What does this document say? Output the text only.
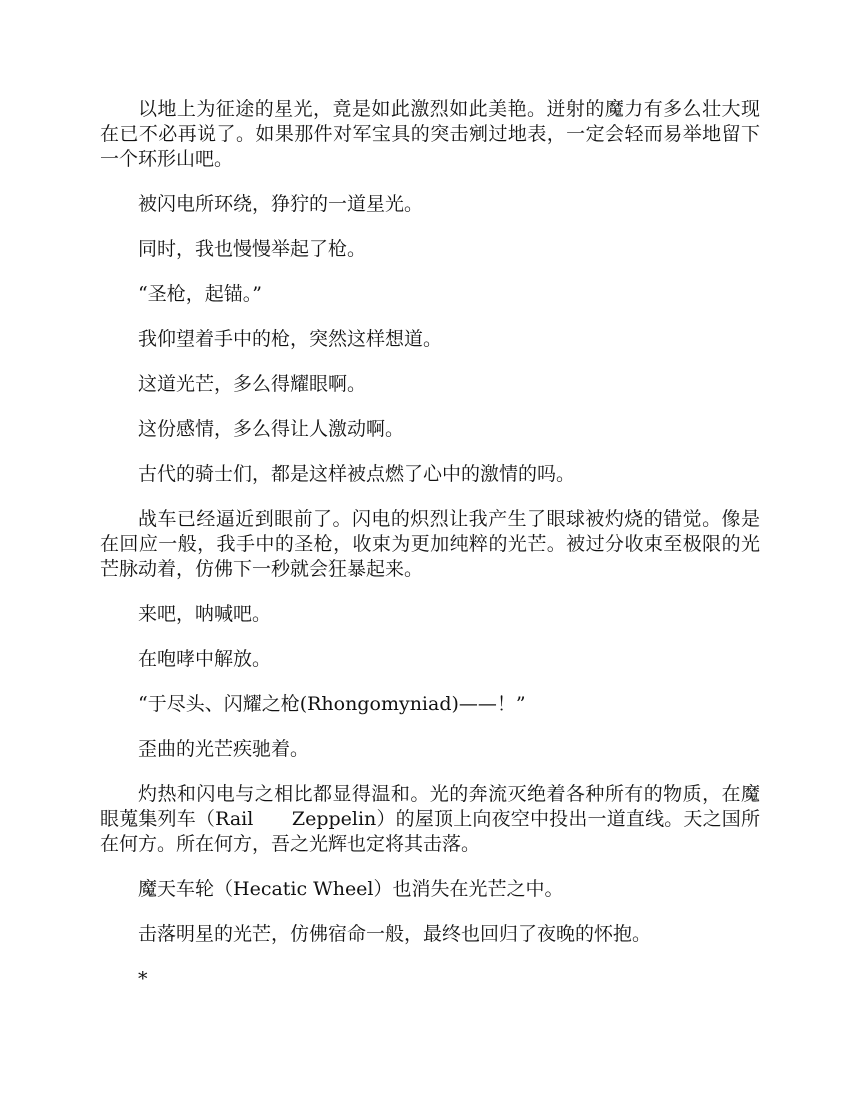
以地上为征途的星光，竟是如此激烈如此美艳。迸射的魔力有多么壮大现在已不必再说了。如果那件对军宝具的突击剜过地表，一定会轻而易举地留下一个环形山吧。

被闪电所环绕，狰狞的一道星光。

同时，我也慢慢举起了枪。

“圣枪，起锚。”

我仰望着手中的枪，突然这样想道。

这道光芒，多么得耀眼啊。

这份感情，多么得让人激动啊。

古代的骑士们，都是这样被点燃了心中的激情的吗。

战车已经逼近到眼前了。闪电的炽烈让我产生了眼球被灼烧的错觉。像是在回应一般，我手中的圣枪，收束为更加纯粹的光芒。被过分收束至极限的光芒脉动着，仿佛下一秒就会狂暴起来。

来吧，呐喊吧。

在咆哮中解放。

“于尽头、闪耀之枪(Rhongomyniad)——！”

歪曲的光芒疾驰着。

灼热和闪电与之相比都显得温和。光的奔流灭绝着各种所有的物质，在魔眼蒐集列车（Rail　　Zeppelin）的屋顶上向夜空中投出一道直线。天之国所在何方。所在何方，吾之光辉也定将其击落。

魔天车轮（Hecatic Wheel）也消失在光芒之中。

击落明星的光芒，仿佛宿命一般，最终也回归了夜晚的怀抱。

*
